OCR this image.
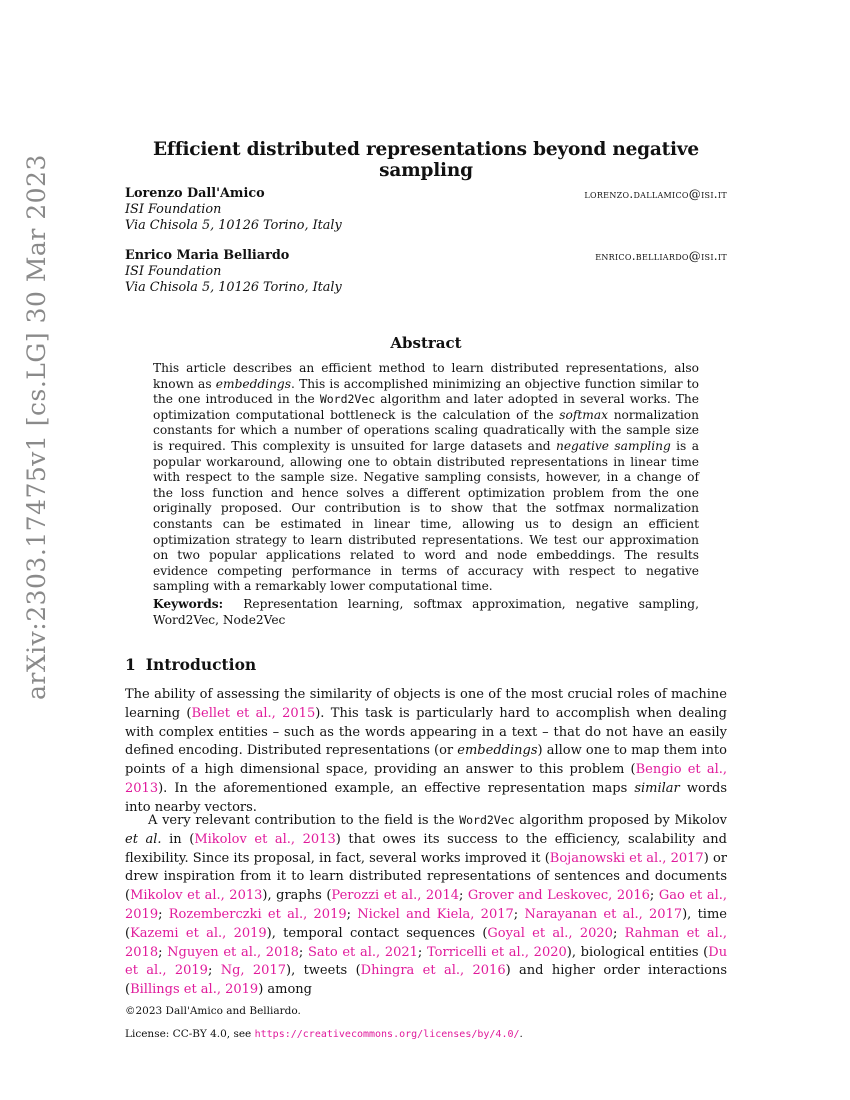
arXiv:2303.17475v1 [cs.LG] 30 Mar 2023
Efficient distributed representations beyond negative sampling
Lorenzo Dall'Amico	lorenzo.dallamico@isi.it
ISI Foundation
Via Chisola 5, 10126 Torino, Italy
Enrico Maria Belliardo	enrico.belliardo@isi.it
ISI Foundation
Via Chisola 5, 10126 Torino, Italy
Abstract
This article describes an efficient method to learn distributed representations, also known as embeddings. This is accomplished minimizing an objective function similar to the one introduced in the Word2Vec algorithm and later adopted in several works. The optimization computational bottleneck is the calculation of the softmax normalization constants for which a number of operations scaling quadratically with the sample size is required. This complexity is unsuited for large datasets and negative sampling is a popular workaround, allowing one to obtain distributed representations in linear time with respect to the sample size. Negative sampling consists, however, in a change of the loss function and hence solves a different optimization problem from the one originally proposed. Our contribution is to show that the sotfmax normalization constants can be estimated in linear time, allowing us to design an efficient optimization strategy to learn distributed representations. We test our approximation on two popular applications related to word and node embeddings. The results evidence competing performance in terms of accuracy with respect to negative sampling with a remarkably lower computational time.
Keywords: Representation learning, softmax approximation, negative sampling, Word2Vec, Node2Vec
1 Introduction
The ability of assessing the similarity of objects is one of the most crucial roles of machine learning (Bellet et al., 2015). This task is particularly hard to accomplish when dealing with complex entities – such as the words appearing in a text – that do not have an easily defined encoding. Distributed representations (or embeddings) allow one to map them into points of a high dimensional space, providing an answer to this problem (Bengio et al., 2013). In the aforementioned example, an effective representation maps similar words into nearby vectors.
A very relevant contribution to the field is the Word2Vec algorithm proposed by Mikolov et al. in (Mikolov et al., 2013) that owes its success to the efficiency, scalability and flexibility. Since its proposal, in fact, several works improved it (Bojanowski et al., 2017) or drew inspiration from it to learn distributed representations of sentences and documents (Mikolov et al., 2013), graphs (Perozzi et al., 2014; Grover and Leskovec, 2016; Gao et al., 2019; Rozemberczki et al., 2019; Nickel and Kiela, 2017; Narayanan et al., 2017), time (Kazemi et al., 2019), temporal contact sequences (Goyal et al., 2020; Rahman et al., 2018; Nguyen et al., 2018; Sato et al., 2021; Torricelli et al., 2020), biological entities (Du et al., 2019; Ng, 2017), tweets (Dhingra et al., 2016) and higher order interactions (Billings et al., 2019) among
©2023 Dall'Amico and Belliardo.
License: CC-BY 4.0, see https://creativecommons.org/licenses/by/4.0/.
